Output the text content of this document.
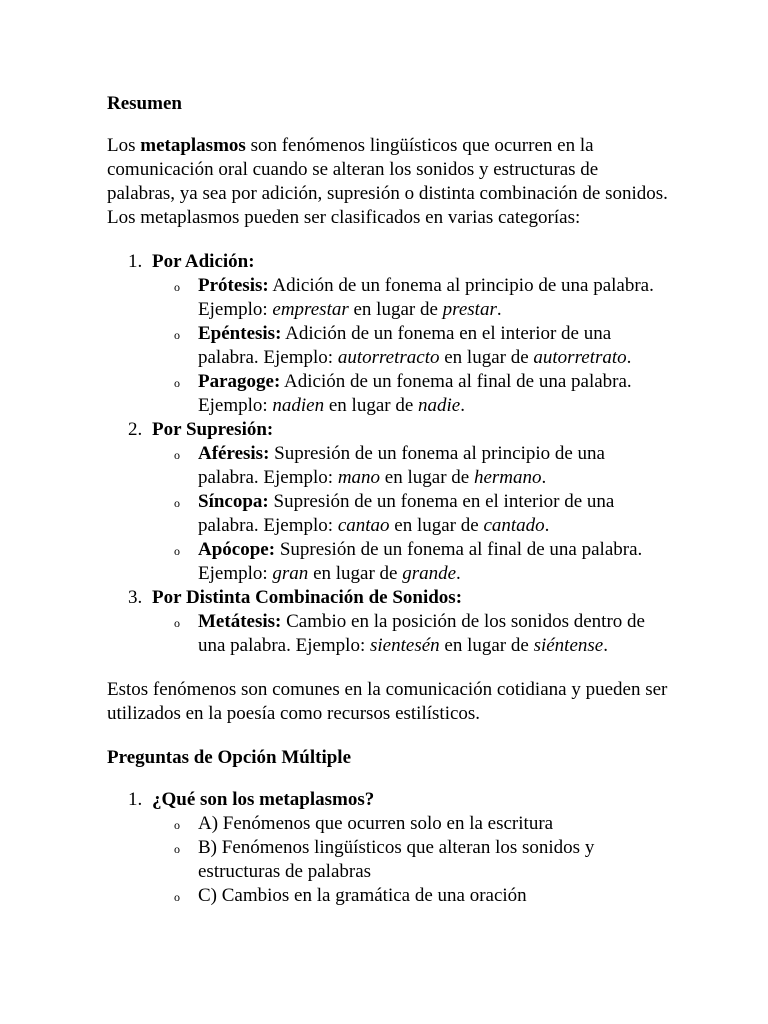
Resumen

Los metaplasmos son fenómenos lingüísticos que ocurren en la comunicación oral cuando se alteran los sonidos y estructuras de palabras, ya sea por adición, supresión o distinta combinación de sonidos. Los metaplasmos pueden ser clasificados en varias categorías:

1. Por Adición:
o Prótesis: Adición de un fonema al principio de una palabra. Ejemplo: emprestar en lugar de prestar.
o Epéntesis: Adición de un fonema en el interior de una palabra. Ejemplo: autorretracto en lugar de autorretrato.
o Paragoge: Adición de un fonema al final de una palabra. Ejemplo: nadien en lugar de nadie.
2. Por Supresión:
o Aféresis: Supresión de un fonema al principio de una palabra. Ejemplo: mano en lugar de hermano.
o Síncopa: Supresión de un fonema en el interior de una palabra. Ejemplo: cantao en lugar de cantado.
o Apócope: Supresión de un fonema al final de una palabra. Ejemplo: gran en lugar de grande.
3. Por Distinta Combinación de Sonidos:
o Metátesis: Cambio en la posición de los sonidos dentro de una palabra. Ejemplo: sientesén en lugar de siéntense.

Estos fenómenos son comunes en la comunicación cotidiana y pueden ser utilizados en la poesía como recursos estilísticos.

Preguntas de Opción Múltiple
1. ¿Qué son los metaplasmos?
o A) Fenómenos que ocurren solo en la escritura
o B) Fenómenos lingüísticos que alteran los sonidos y estructuras de palabras
o C) Cambios en la gramática de una oración
